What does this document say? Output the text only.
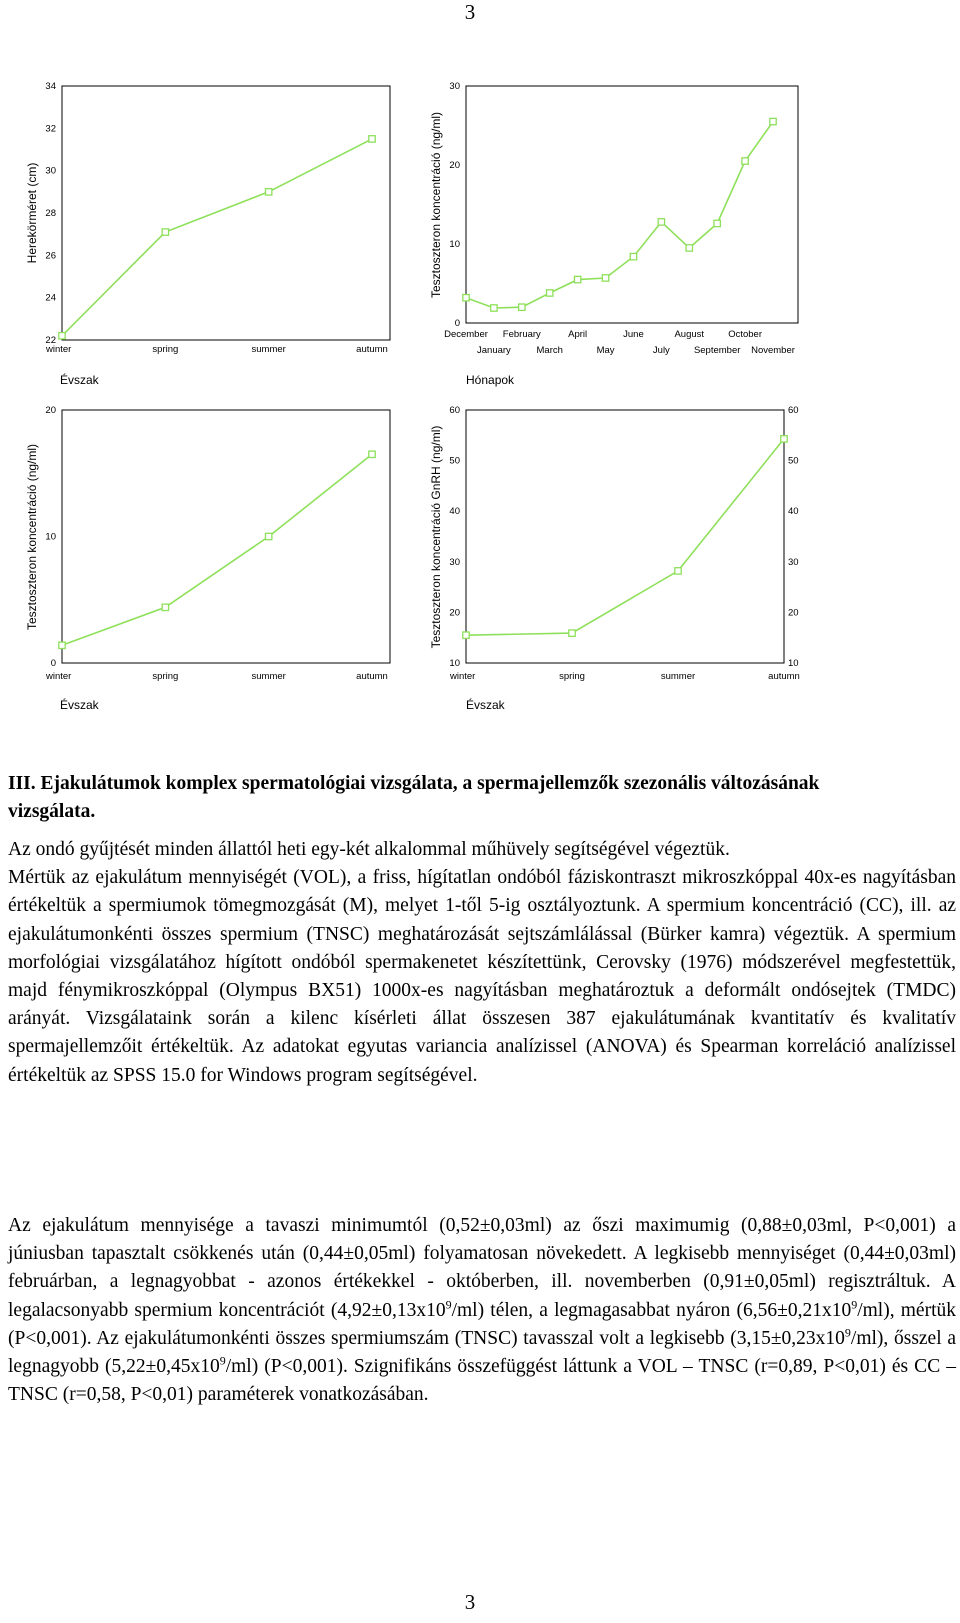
3
Herekörméret (cm)
Évszak
22
24
26
28
30
32
34
winter	spring	summer	autumn
Tesztoszteron koncentráció (ng/ml)
Hónapok
0
10
20
30
December
January
February
March
April
May
June
July
August
September
October
November
Tesztoszteron koncentráció (ng/ml)
Évszak
0
10
20
winter	spring	summer	autumn
Tesztoszteron koncentráció GnRH (ng/ml)
Évszak
10	10
20	20
30	30
40	40
50	50
60	60
winter	spring	summer	autumn
III. Ejakulátumok komplex spermatológiai vizsgálata, a spermajellemzők szezonális változásának vizsgálata.

Az ondó gyűjtését minden állattól heti egy-két alkalommal műhüvely segítségével végeztük.

Mértük az ejakulátum mennyiségét (VOL), a friss, hígítatlan ondóból fáziskontraszt mikroszkóppal 40x-es nagyításban értékeltük a spermiumok tömegmozgását (M), melyet 1-től 5-ig osztályoztunk. A spermium koncentráció (CC), ill. az ejakulátumonkénti összes spermium (TNSC) meghatározását sejtszámlálással (Bürker kamra) végeztük. A spermium morfológiai vizsgálatához hígított ondóból spermakenetet készítettünk, Cerovsky (1976) módszerével megfestettük, majd fénymikroszkóppal (Olympus BX51) 1000x-es nagyításban meghatároztuk a deformált ondósejtek (TMDC) arányát. Vizsgálataink során a kilenc kísérleti állat összesen 387 ejakulátumának kvantitatív és kvalitatív spermajellemzőit értékeltük. Az adatokat egyutas variancia analízissel (ANOVA) és Spearman korreláció analízissel értékeltük az SPSS 15.0 for Windows program segítségével.

Az ejakulátum mennyisége a tavaszi minimumtól (0,52±0,03ml) az őszi maximumig (0,88±0,03ml, P<0,001) a júniusban tapasztalt csökkenés után (0,44±0,05ml) folyamatosan növekedett. A legkisebb mennyiséget (0,44±0,03ml) februárban, a legnagyobbat - azonos értékekkel - októberben, ill. novemberben (0,91±0,05ml) regisztráltuk. A legalacsonyabb spermium koncentrációt $(4,92\pm 0,13x10^9/ml)$ télen, a legmagasabbat nyáron $(6,56\pm 0,21x10^9/ml)$, mértük (P<0,001). Az ejakulátumonkénti összes spermiumszám (TNSC) tavasszal volt a legkisebb $(3,15\pm 0,23x10^9/ml)$, ősszel a legnagyobb $(5,22\pm 0,45x10^9/ml)$ (P<0,001). Szignifikáns összefüggést láttunk a VOL – TNSC (r=0,89, P<0,01) és CC – TNSC (r=0,58, P<0,01) paraméterek vonatkozásában.
3
